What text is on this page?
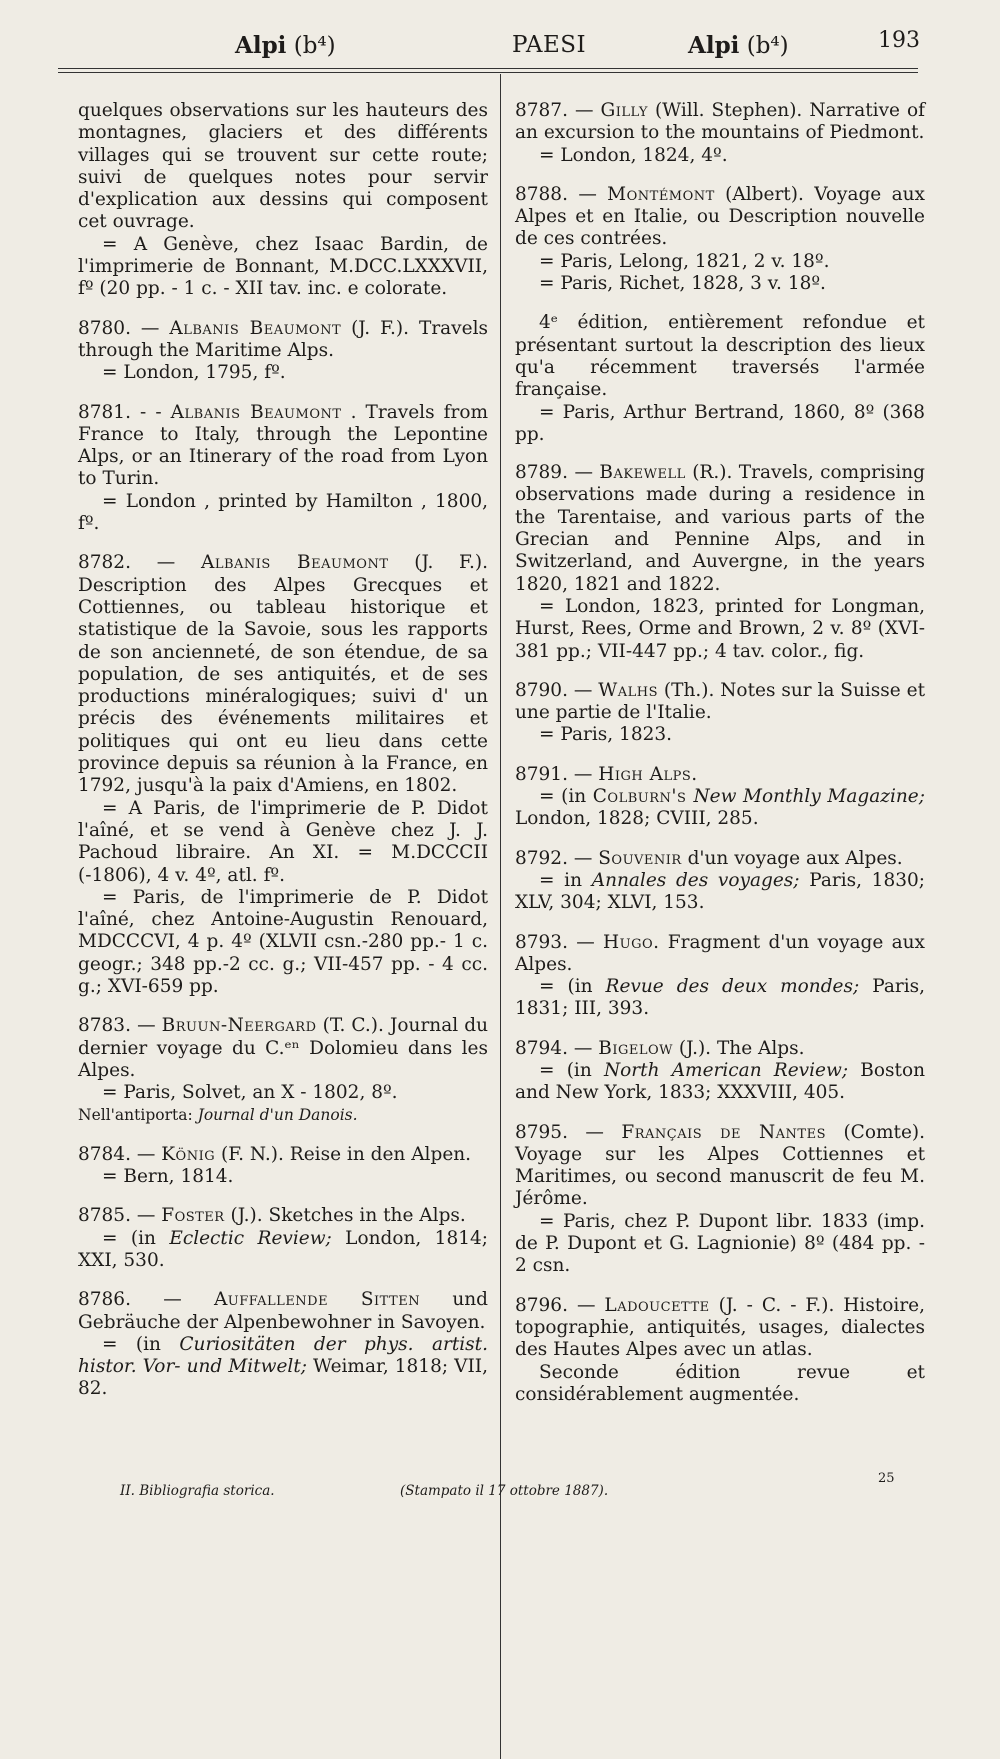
Alpi (b⁴)	PAESI	Alpi (b⁴)	193

quelques observations sur les hauteurs des montagnes, glaciers et des différents villages qui se trouvent sur cette route; suivi de quelques notes pour servir d'explication aux dessins qui composent cet ouvrage.

= A Genève, chez Isaac Bardin, de l'imprimerie de Bonnant, M.DCC.LXXXVII, fº (20 pp. - 1 c. - XII tav. inc. e colorate.

8780. — Albanis Beaumont (J. F.). Travels through the Maritime Alps.

= London, 1795, fº.

8781. - - Albanis Beaumont . Travels from France to Italy, through the Lepontine Alps, or an Itinerary of the road from Lyon to Turin.

= London , printed by Hamilton , 1800, fº.

8782. — Albanis Beaumont (J. F.). Description des Alpes Grecques et Cottiennes, ou tableau historique et statistique de la Savoie, sous les rapports de son ancienneté, de son étendue, de sa population, de ses antiquités, et de ses productions minéralogiques; suivi d' un précis des événements militaires et politiques qui ont eu lieu dans cette province depuis sa réunion à la France, en 1792, jusqu'à la paix d'Amiens, en 1802.

= A Paris, de l'imprimerie de P. Didot l'aîné, et se vend à Genève chez J. J. Pachoud libraire. An XI. = M.DCCCII (-1806), 4 v. 4º, atl. fº.

= Paris, de l'imprimerie de P. Didot l'aîné, chez Antoine-Augustin Renouard, MDCCCVI, 4 p. 4º (XLVII csn.-280 pp.- 1 c. geogr.; 348 pp.-2 cc. g.; VII-457 pp. - 4 cc. g.; XVI-659 pp.

8783. — Bruun-Neergard (T. C.). Journal du dernier voyage du C.ᵉⁿ Dolomieu dans les Alpes.

= Paris, Solvet, an X - 1802, 8º.

Nell'antiporta: Journal d'un Danois.

8784. — König (F. N.). Reise in den Alpen.

= Bern, 1814.

8785. — Foster (J.). Sketches in the Alps.

= (in Eclectic Review; London, 1814; XXI, 530.

8786. — Auffallende Sitten und Gebräuche der Alpenbewohner in Savoyen.

= (in Curiositäten der phys. artist. histor. Vor- und Mitwelt; Weimar, 1818; VII, 82.

8787. — Gilly (Will. Stephen). Narrative of an excursion to the mountains of Piedmont.

= London, 1824, 4º.

8788. — Montémont (Albert). Voyage aux Alpes et en Italie, ou Description nouvelle de ces contrées.

= Paris, Lelong, 1821, 2 v. 18º.

= Paris, Richet, 1828, 3 v. 18º.

4ᵉ édition, entièrement refondue et présentant surtout la description des lieux qu'a récemment traversés l'armée française.

= Paris, Arthur Bertrand, 1860, 8º (368 pp.

8789. — Bakewell (R.). Travels, comprising observations made during a residence in the Tarentaise, and various parts of the Grecian and Pennine Alps, and in Switzerland, and Auvergne, in the years 1820, 1821 and 1822.

= London, 1823, printed for Longman, Hurst, Rees, Orme and Brown, 2 v. 8º (XVI-381 pp.; VII-447 pp.; 4 tav. color., fig.

8790. — Walhs (Th.). Notes sur la Suisse et une partie de l'Italie.

= Paris, 1823.

8791. — High Alps.

= (in Colburn's New Monthly Magazine; London, 1828; CVIII, 285.

8792. — Souvenir d'un voyage aux Alpes.

= in Annales des voyages; Paris, 1830; XLV, 304; XLVI, 153.

8793. — Hugo. Fragment d'un voyage aux Alpes.

= (in Revue des deux mondes; Paris, 1831; III, 393.

8794. — Bigelow (J.). The Alps.

= (in North American Review; Boston and New York, 1833; XXXVIII, 405.

8795. — Français de Nantes (Comte). Voyage sur les Alpes Cottiennes et Maritimes, ou second manuscrit de feu M. Jérôme.

= Paris, chez P. Dupont libr. 1833 (imp. de P. Dupont et G. Lagnionie) 8º (484 pp. - 2 csn.

8796. — Ladoucette (J. - C. - F.). Histoire, topographie, antiquités, usages, dialectes des Hautes Alpes avec un atlas.

Seconde édition revue et considérablement augmentée.

II. Bibliografia storica.	(Stampato il 17 ottobre 1887).
25
